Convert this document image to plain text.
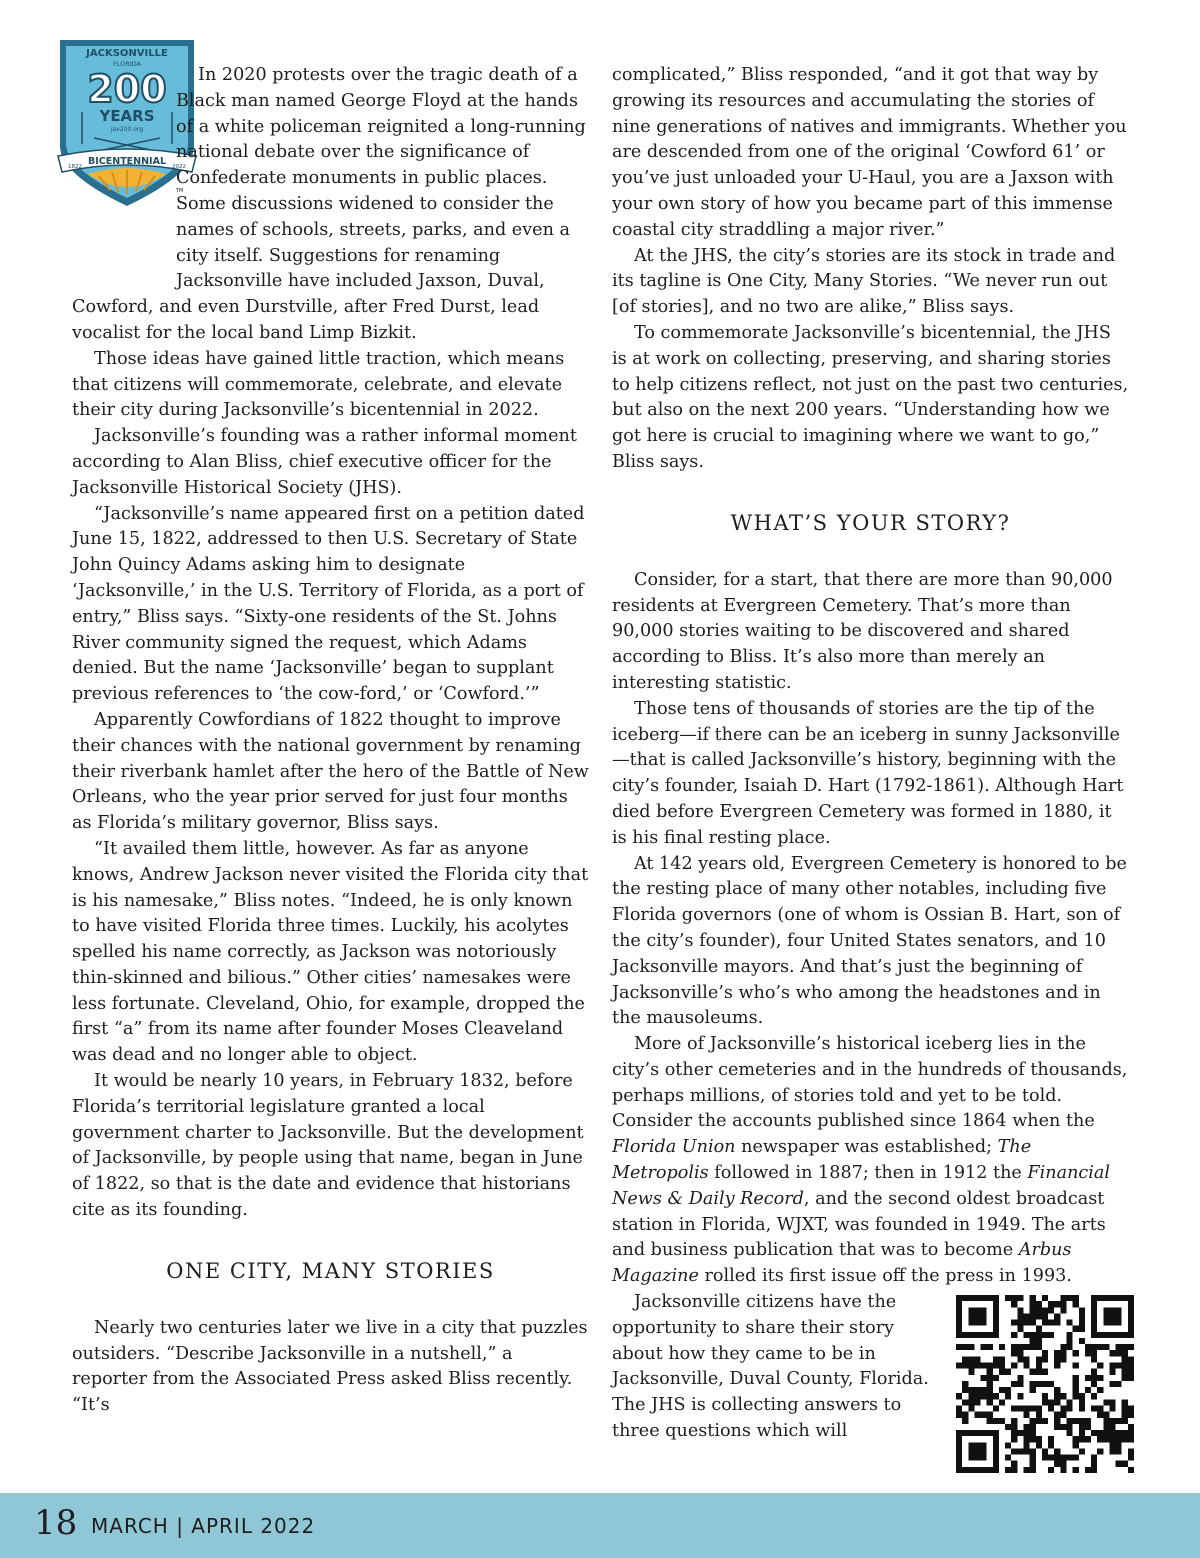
JACKSONVILLE
FLORIDA
200
YEARS
jax200.org
BICENTENNIAL
1822	2022
TM

In 2020 protests over the tragic death of a Black man named George Floyd at the hands of a white policeman reignited a long-running national debate over the significance of Confederate monuments in public places. Some discussions widened to consider the names of schools, streets, parks, and even a city itself. Suggestions for renaming Jacksonville have included Jaxson, Duval, Cowford, and even Durstville, after Fred Durst, lead vocalist for the local band Limp Bizkit.

Those ideas have gained little traction, which means that citizens will commemorate, celebrate, and elevate their city during Jacksonville’s bicentennial in 2022.

Jacksonville’s founding was a rather informal moment according to Alan Bliss, chief executive officer for the Jacksonville Historical Society (JHS).

“Jacksonville’s name appeared first on a petition dated June 15, 1822, addressed to then U.S. Secretary of State John Quincy Adams asking him to designate ‘Jacksonville,’ in the U.S. Territory of Florida, as a port of entry,” Bliss says. “Sixty-one residents of the St. Johns River community signed the request, which Adams denied. But the name ‘Jacksonville’ began to supplant previous references to ‘the cow-ford,’ or ‘Cowford.’”

Apparently Cowfordians of 1822 thought to improve their chances with the national government by renaming their riverbank hamlet after the hero of the Battle of New Orleans, who the year prior served for just four months as Florida’s military governor, Bliss says.

“It availed them little, however. As far as anyone knows, Andrew Jackson never visited the Florida city that is his namesake,” Bliss notes. “Indeed, he is only known to have visited Florida three times. Luckily, his acolytes spelled his name correctly, as Jackson was notoriously thin-skinned and bilious.” Other cities’ namesakes were less fortunate. Cleveland, Ohio, for example, dropped the first “a” from its name after founder Moses Cleaveland was dead and no longer able to object.

It would be nearly 10 years, in February 1832, before Florida’s territorial legislature granted a local government charter to Jacksonville. But the development of Jacksonville, by people using that name, began in June of 1822, so that is the date and evidence that historians cite as its founding.

ONE CITY, MANY STORIES

Nearly two centuries later we live in a city that puzzles outsiders. “Describe Jacksonville in a nutshell,” a reporter from the Associated Press asked Bliss recently. “It’s

complicated,” Bliss responded, “and it got that way by growing its resources and accumulating the stories of nine generations of natives and immigrants. Whether you are descended from one of the original ‘Cowford 61’ or you’ve just unloaded your U-Haul, you are a Jaxson with your own story of how you became part of this immense coastal city straddling a major river.”

At the JHS, the city’s stories are its stock in trade and its tagline is One City, Many Stories. “We never run out [of stories], and no two are alike,” Bliss says.

To commemorate Jacksonville’s bicentennial, the JHS is at work on collecting, preserving, and sharing stories to help citizens reflect, not just on the past two centuries, but also on the next 200 years. “Understanding how we got here is crucial to imagining where we want to go,” Bliss says.

WHAT’S YOUR STORY?

Consider, for a start, that there are more than 90,000 residents at Evergreen Cemetery. That’s more than 90,000 stories waiting to be discovered and shared according to Bliss. It’s also more than merely an interesting statistic.

Those tens of thousands of stories are the tip of the iceberg—if there can be an iceberg in sunny Jacksonville—that is called Jacksonville’s history, beginning with the city’s founder, Isaiah D. Hart (1792-1861). Although Hart died before Evergreen Cemetery was formed in 1880, it is his final resting place.

At 142 years old, Evergreen Cemetery is honored to be the resting place of many other notables, including five Florida governors (one of whom is Ossian B. Hart, son of the city’s founder), four United States senators, and 10 Jacksonville mayors. And that’s just the beginning of Jacksonville’s who’s who among the headstones and in the mausoleums.

More of Jacksonville’s historical iceberg lies in the city’s other cemeteries and in the hundreds of thousands, perhaps millions, of stories told and yet to be told. Consider the accounts published since 1864 when the Florida Union newspaper was established; The Metropolis followed in 1887; then in 1912 the Financial News & Daily Record, and the second oldest broadcast station in Florida, WJXT, was founded in 1949. The arts and business publication that was to become Arbus Magazine rolled its first issue off the press in 1993.

Jacksonville citizens have the opportunity to share their story about how they came to be in Jacksonville, Duval County, Florida. The JHS is collecting answers to three questions which will

18 MARCH | APRIL 2022
